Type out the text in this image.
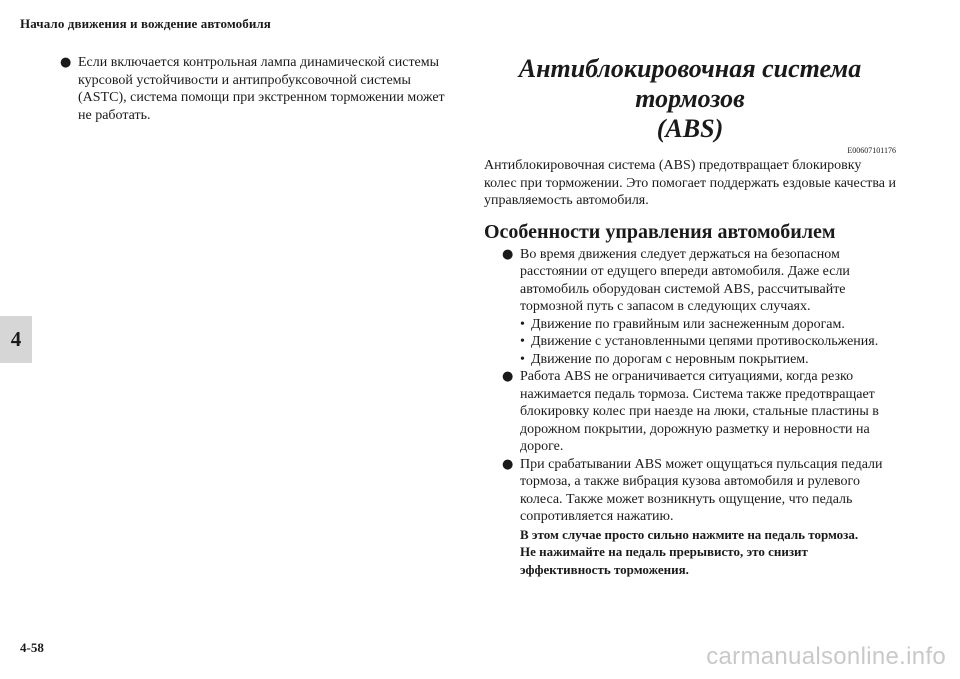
Начало движения и вождение автомобиля
4
● Если включается контрольная лампа динамической системы курсовой устойчивости и антипробуксовочной системы (ASTC), система помощи при экстренном торможении может не работать.
Антиблокировочная система тормозов
(ABS)
E00607101176
Антиблокировочная система (ABS) предотвращает блокировку колес при торможении. Это помогает поддержать ездовые качества и управляемость автомобиля.
Особенности управления автомобилем
● Во время движения следует держаться на безопасном расстоянии от едущего впереди автомобиля. Даже если автомобиль оборудован системой ABS, рассчитывайте тормозной путь с запасом в следующих случаях.
• Движение по гравийным или заснеженным дорогам.
• Движение с установленными цепями противоскольжения.
• Движение по дорогам с неровным покрытием.
● Работа ABS не ограничивается ситуациями, когда резко нажимается педаль тормоза. Система также предотвращает блокировку колес при наезде на люки, стальные пластины в дорожном покрытии, дорожную разметку и неровности на дороге.
● При срабатывании ABS может ощущаться пульсация педали тормоза, а также вибрация кузова автомобиля и рулевого колеса. Также может возникнуть ощущение, что педаль сопротивляется нажатию.
В этом случае просто сильно нажмите на педаль тормоза.
Не нажимайте на педаль прерывисто, это снизит эффективность торможения.
4-58	carmanualsonline.info
